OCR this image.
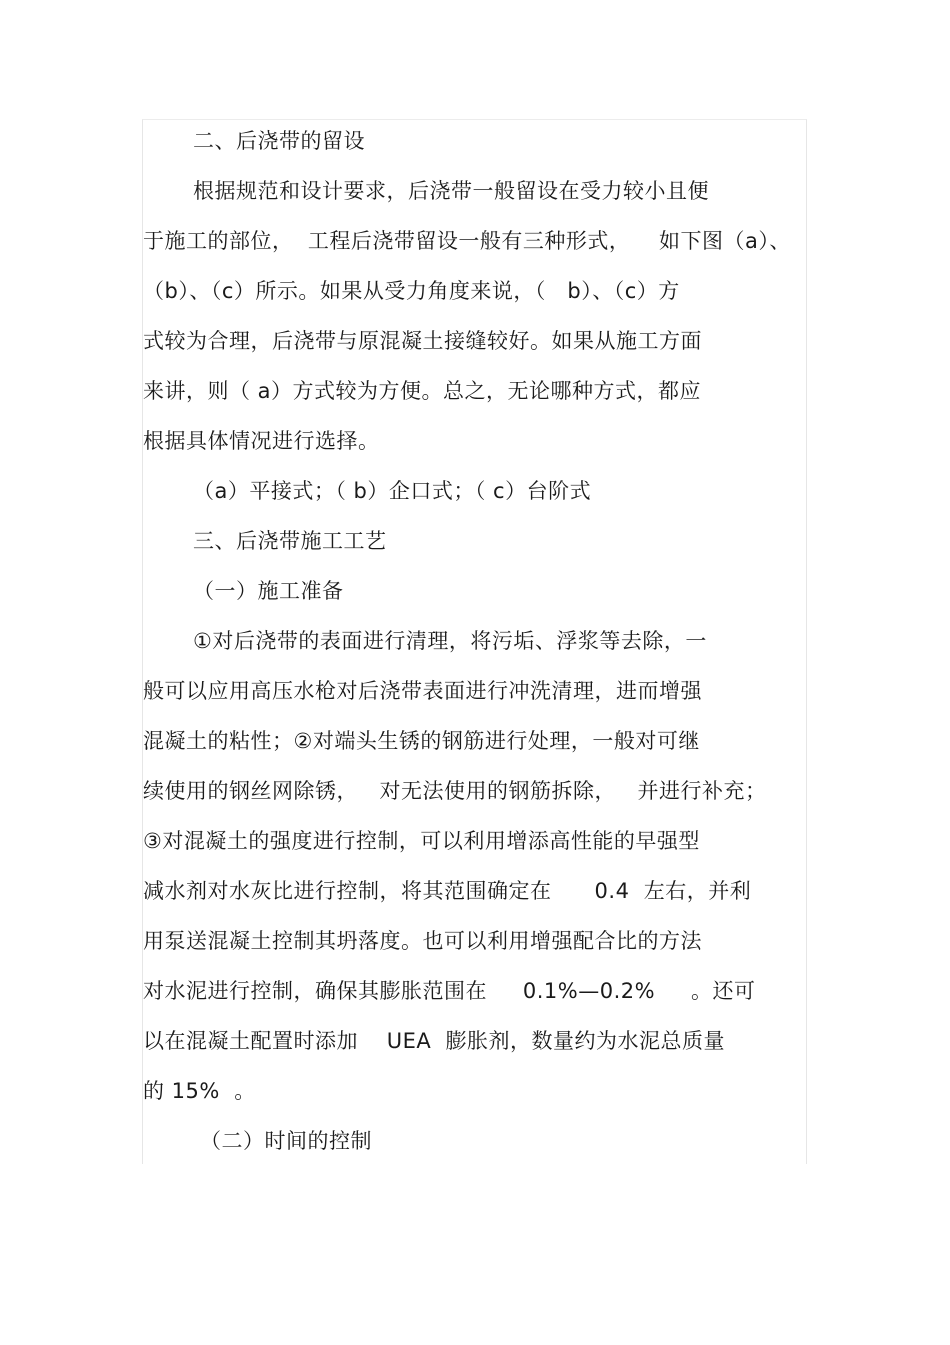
二、后浇带的留设
根据规范和设计要求，后浇带一般留设在受力较小且便
于施工的部位，  工程后浇带留设一般有三种形式，    如下图（a）、
（b）、（c）所示。如果从受力角度来说，（   b）、（c）方
式较为合理，后浇带与原混凝土接缝较好。如果从施工方面
来讲，则（ a）方式较为方便。总之，无论哪种方式，都应
根据具体情况进行选择。
（a）平接式；（ b）企口式；（ c）台阶式
三、后浇带施工工艺
（一）施工准备
①对后浇带的表面进行清理，将污垢、浮浆等去除，一
般可以应用高压水枪对后浇带表面进行冲洗清理，进而增强
混凝土的粘性；②对端头生锈的钢筋进行处理，一般对可继
续使用的钢丝网除锈，   对无法使用的钢筋拆除，   并进行补充；
③对混凝土的强度进行控制，可以利用增添高性能的早强型
减水剂对水灰比进行控制，将其范围确定在      0.4  左右，并利
用泵送混凝土控制其坍落度。也可以利用增强配合比的方法
对水泥进行控制，确保其膨胀范围在     0.1%—0.2%     。还可
以在混凝土配置时添加    UEA  膨胀剂，数量约为水泥总质量
的 15%  。
（二）时间的控制
